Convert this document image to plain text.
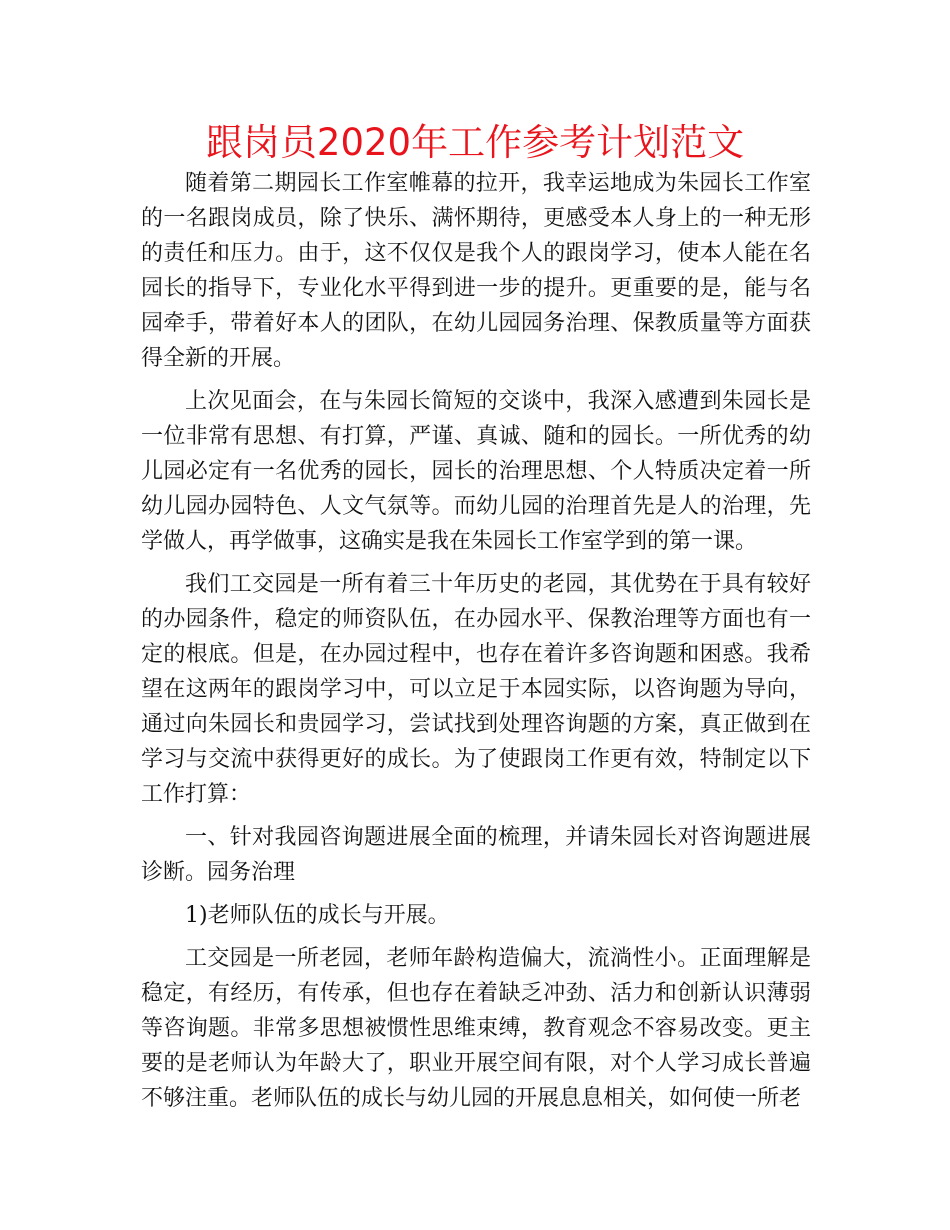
跟岗员2020年工作参考计划范文

随着第二期园长工作室帷幕的拉开，我幸运地成为朱园长工作室的一名跟岗成员，除了快乐、满怀期待，更感受本人身上的一种无形的责任和压力。由于，这不仅仅是我个人的跟岗学习，使本人能在名园长的指导下，专业化水平得到进一步的提升。更重要的是，能与名园牵手，带着好本人的团队，在幼儿园园务治理、保教质量等方面获得全新的开展。

上次见面会，在与朱园长简短的交谈中，我深入感遭到朱园长是一位非常有思想、有打算，严谨、真诚、随和的园长。一所优秀的幼儿园必定有一名优秀的园长，园长的治理思想、个人特质决定着一所幼儿园办园特色、人文气氛等。而幼儿园的治理首先是人的治理，先学做人，再学做事，这确实是我在朱园长工作室学到的第一课。

我们工交园是一所有着三十年历史的老园，其优势在于具有较好的办园条件，稳定的师资队伍，在办园水平、保教治理等方面也有一定的根底。但是，在办园过程中，也存在着许多咨询题和困惑。我希望在这两年的跟岗学习中，可以立足于本园实际，以咨询题为导向，通过向朱园长和贵园学习，尝试找到处理咨询题的方案，真正做到在学习与交流中获得更好的成长。为了使跟岗工作更有效，特制定以下工作打算：

一、针对我园咨询题进展全面的梳理，并请朱园长对咨询题进展诊断。园务治理

1)老师队伍的成长与开展。

工交园是一所老园，老师年龄构造偏大，流淌性小。正面理解是稳定，有经历，有传承，但也存在着缺乏冲劲、活力和创新认识薄弱等咨询题。非常多思想被惯性思维束缚，教育观念不容易改变。更主要的是老师认为年龄大了，职业开展空间有限，对个人学习成长普遍不够注重。老师队伍的成长与幼儿园的开展息息相关，如何使一所老
